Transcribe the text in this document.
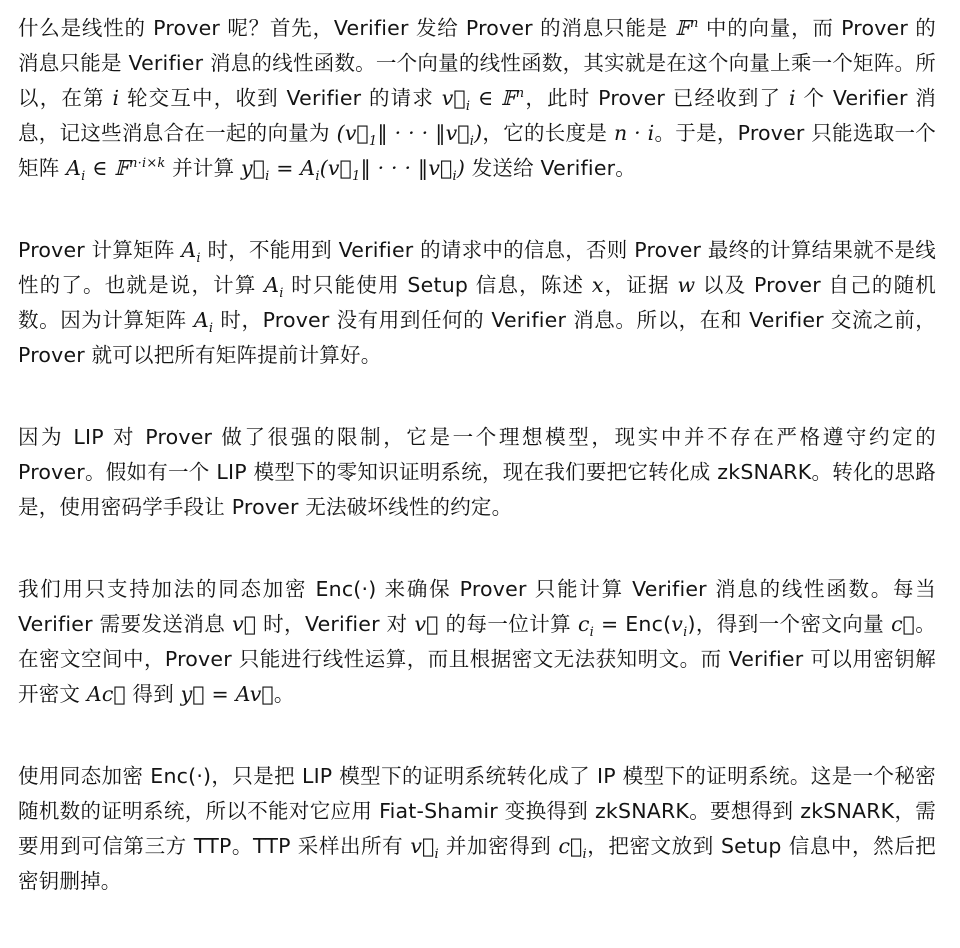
什么是线性的 Prover 呢？首先，Verifier 发给 Prover 的消息只能是 𝔽$^n$ 中的向量，而 Prover 的消息只能是 Verifier 消息的线性函数。一个向量的线性函数，其实就是在这个向量上乘一个矩阵。所以，在第 i 轮交互中，收到 Verifier 的请求 $v⃗_i$ ∈ 𝔽$^n$，此时 Prover 已经收到了 i 个 Verifier 消息，记这些消息合在一起的向量为 ($v⃗_1‖$ · · · $‖v⃗_i$)，它的长度是 n · i。于是，Prover 只能选取一个矩阵 $A_i$ ∈ 𝔽$^{n\cdot i\times k}$ 并计算 $y⃗_i$ = $A_i(v⃗_1‖$ · · · $‖v⃗_i$) 发送给 Verifier。

Prover 计算矩阵 $A_i$ 时，不能用到 Verifier 的请求中的信息，否则 Prover 最终的计算结果就不是线性的了。也就是说，计算 $A_i$ 时只能使用 Setup 信息，陈述 x，证据 w 以及 Prover 自己的随机数。因为计算矩阵 $A_i$ 时，Prover 没有用到任何的 Verifier 消息。所以，在和 Verifier 交流之前，Prover 就可以把所有矩阵提前计算好。

因为 LIP 对 Prover 做了很强的限制，它是一个理想模型，现实中并不存在严格遵守约定的 Prover。假如有一个 LIP 模型下的零知识证明系统，现在我们要把它转化成 zkSNARK。转化的思路是，使用密码学手段让 Prover 无法破坏线性的约定。

我们用只支持加法的同态加密 Enc(·) 来确保 Prover 只能计算 Verifier 消息的线性函数。每当 Verifier 需要发送消息 v⃗ 时，Verifier 对 v⃗ 的每一位计算 $c_i = Enc(v_i)$，得到一个密文向量 c⃗。在密文空间中，Prover 只能进行线性运算，而且根据密文无法获知明文。而 Verifier 可以用密钥解开密文 Ac⃗ 得到 y⃗ = Av⃗。

使用同态加密 Enc(·)，只是把 LIP 模型下的证明系统转化成了 IP 模型下的证明系统。这是一个秘密随机数的证明系统，所以不能对它应用 Fiat-Shamir 变换得到 zkSNARK。要想得到 zkSNARK，需要用到可信第三方 TTP。TTP 采样出所有 $v⃗_i$ 并加密得到 $c⃗_i$，把密文放到 Setup 信息中，然后把密钥删掉。
